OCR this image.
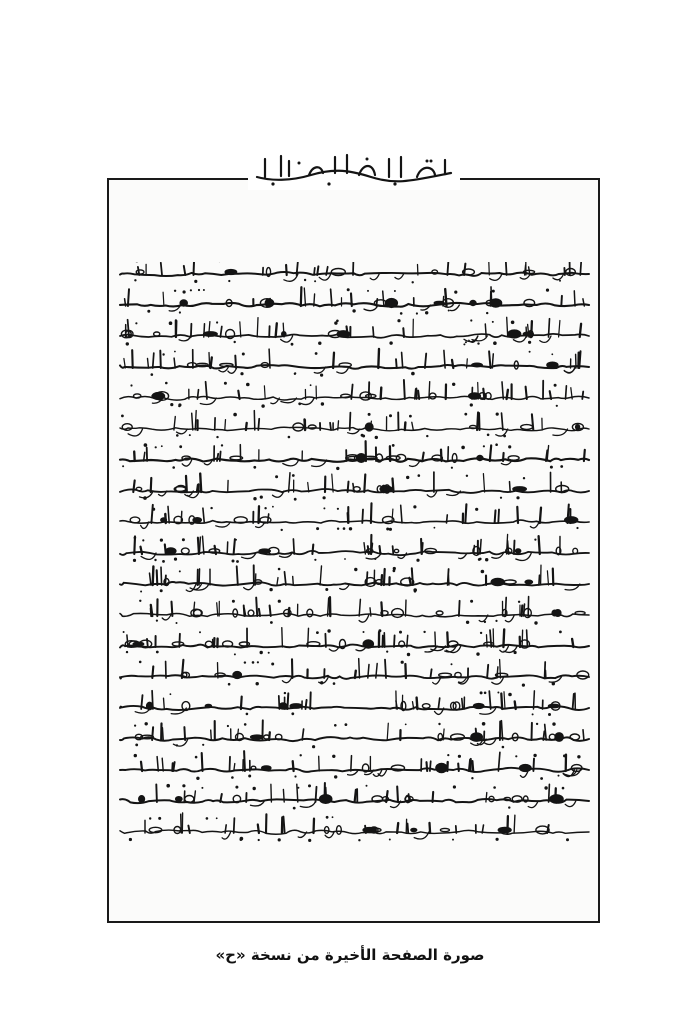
صورة الصفحة الأخيرة من نسخة «ح»
